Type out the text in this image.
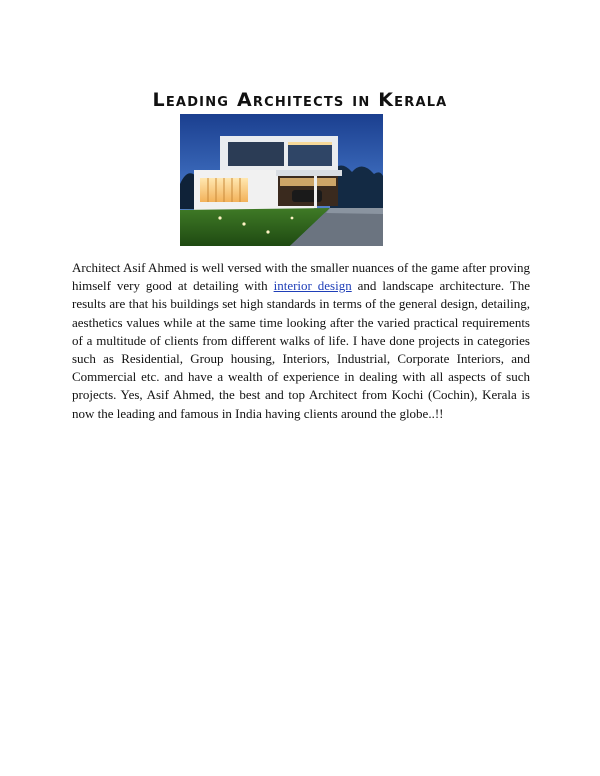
Leading Architects in Kerala

Architect Asif Ahmed is well versed with the smaller nuances of the game after proving himself very good at detailing with interior design and landscape architecture. The results are that his buildings set high standards in terms of the general design, detailing, aesthetics values while at the same time looking after the varied practical requirements of a multitude of clients from different walks of life. I have done projects in categories such as Residential, Group housing, Interiors, Industrial, Corporate Interiors, and Commercial etc. and have a wealth of experience in dealing with all aspects of such projects. Yes, Asif Ahmed, the best and top Architect from Kochi (Cochin), Kerala is now the leading and famous in India having clients around the globe..!!
